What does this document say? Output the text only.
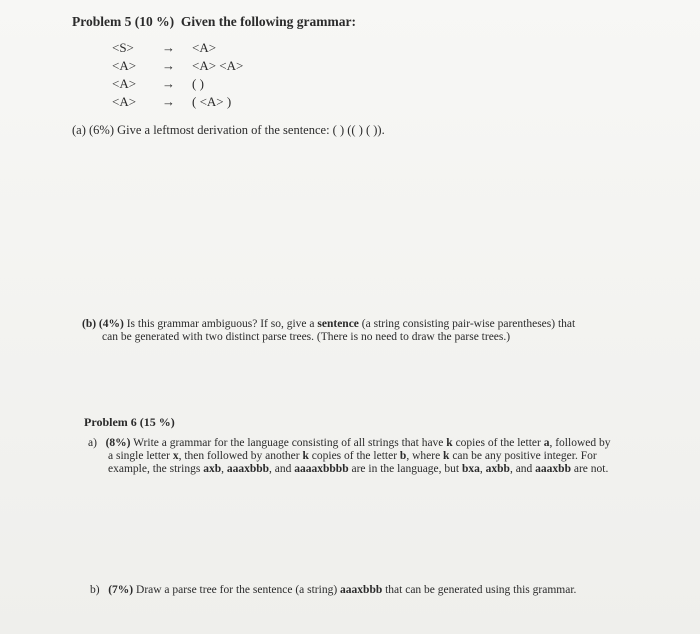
Problem 5 (10 %) Given the following grammar:
<S> → <A>
<A> → <A> <A>
<A> → ( )
<A> → ( <A> )
(a) (6%) Give a leftmost derivation of the sentence: ( ) (( ) ( )).
(b) (4%) Is this grammar ambiguous? If so, give a sentence (a string consisting pair-wise parentheses) that
can be generated with two distinct parse trees. (There is no need to draw the parse trees.)
Problem 6 (15 %)
a) (8%) Write a grammar for the language consisting of all strings that have k copies of the letter a, followed by
a single letter x, then followed by another k copies of the letter b, where k can be any positive integer. For
example, the strings axb, aaaxbbb, and aaaaxbbbb are in the language, but bxa, axbb, and aaaxbb are not.
b) (7%) Draw a parse tree for the sentence (a string) aaaxbbb that can be generated using this grammar.
